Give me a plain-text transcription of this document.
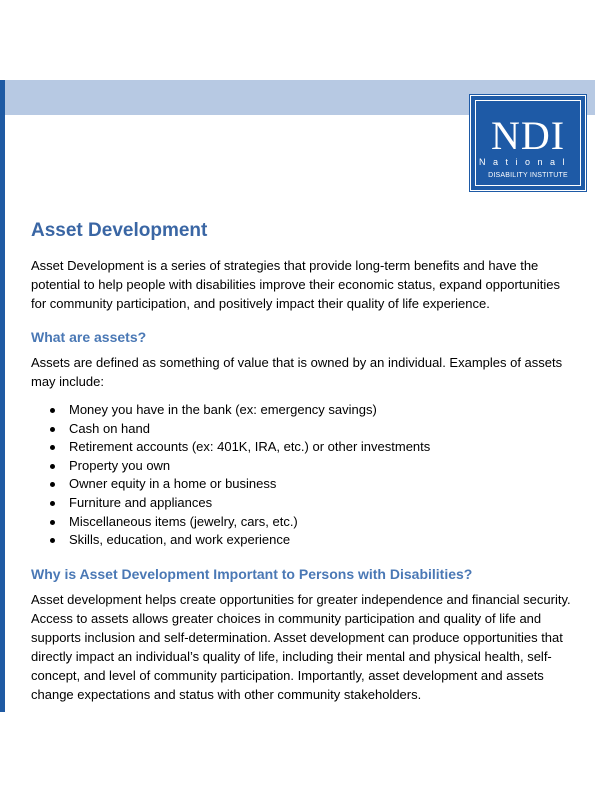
NDI
National
DISABILITY INSTITUTE
Asset Development

Asset Development is a series of strategies that provide long-term benefits and have the potential to help people with disabilities improve their economic status, expand opportunities for community participation, and positively impact their quality of life experience.

What are assets?

Assets are defined as something of value that is owned by an individual. Examples of assets may include:

Money you have in the bank (ex: emergency savings)
Cash on hand
Retirement accounts (ex: 401K, IRA, etc.) or other investments
Property you own
Owner equity in a home or business
Furniture and appliances
Miscellaneous items (jewelry, cars, etc.)
Skills, education, and work experience
Why is Asset Development Important to Persons with Disabilities?

Asset development helps create opportunities for greater independence and financial security. Access to assets allows greater choices in community participation and quality of life and supports inclusion and self-determination. Asset development can produce opportunities that directly impact an individual’s quality of life, including their mental and physical health, self-concept, and level of community participation. Importantly, asset development and assets change expectations and status with other community stakeholders.
